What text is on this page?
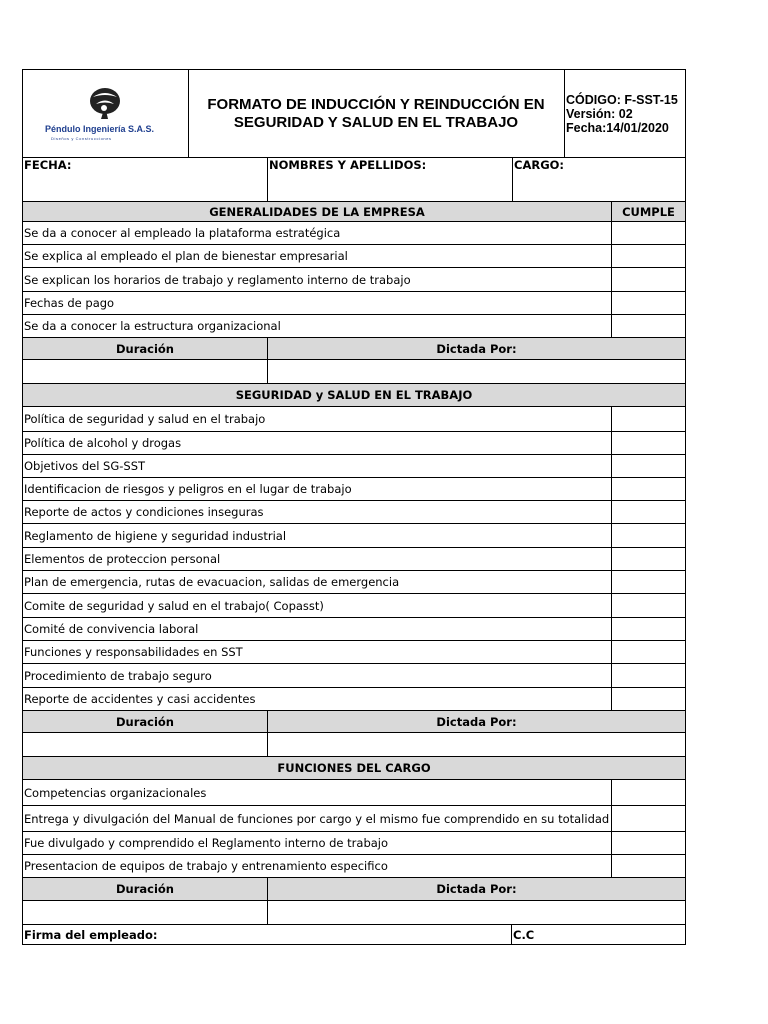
Péndulo Ingeniería S.A.S.
Diseños y Construcciones
FORMATO DE INDUCCIÓN Y REINDUCCIÓN EN
SEGURIDAD Y SALUD EN EL TRABAJO
CÓDIGO: F-SST-15
Versión: 02
Fecha:14/01/2020
FECHA:	NOMBRES Y APELLIDOS:	CARGO:
GENERALIDADES DE LA EMPRESA	CUMPLE
Se da a conocer al empleado la plataforma estratégica
Se explica al empleado el plan de bienestar empresarial
Se explican los horarios de trabajo y reglamento interno de trabajo
Fechas de pago
Se da a conocer la estructura organizacional
Duración	Dictada Por:
SEGURIDAD y SALUD EN EL TRABAJO
Política de seguridad y salud en el trabajo
Política de alcohol y drogas
Objetivos del SG-SST
Identificacion de riesgos y peligros en el lugar de trabajo
Reporte de actos y condiciones inseguras
Reglamento de higiene y seguridad industrial
Elementos de proteccion personal
Plan de emergencia, rutas de evacuacion, salidas de emergencia
Comite de seguridad y salud en el trabajo( Copasst)
Comité de convivencia laboral
Funciones y responsabilidades en SST
Procedimiento de trabajo seguro
Reporte de accidentes y casi accidentes
Duración	Dictada Por:
FUNCIONES DEL CARGO
Competencias organizacionales
Entrega y divulgación del Manual de funciones por cargo y el mismo fue comprendido en su totalidad
Fue divulgado y comprendido el Reglamento interno de trabajo
Presentacion de equipos de trabajo y entrenamiento especifico
Duración	Dictada Por:
Firma del empleado:	C.C
